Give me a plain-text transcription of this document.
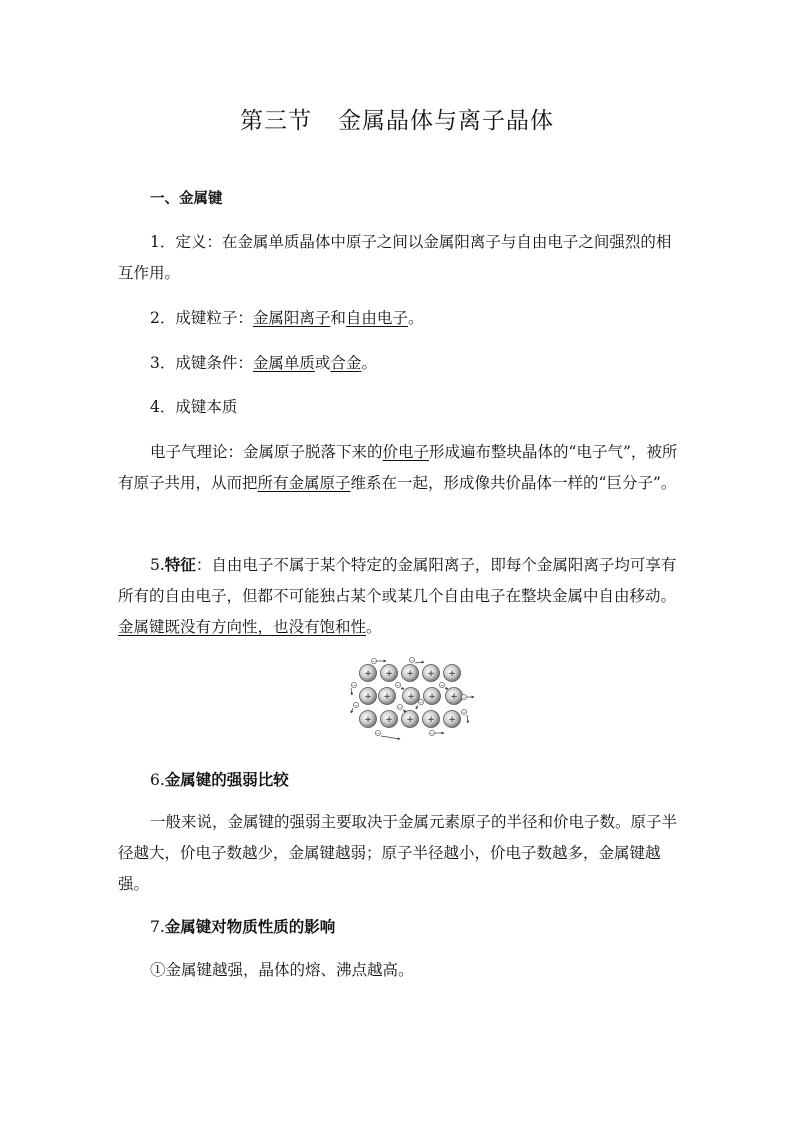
第三节 金属晶体与离子晶体

一、金属键

1．定义：在金属单质晶体中原子之间以金属阳离子与自由电子之间强烈的相互作用。

2．成键粒子：金属阳离子和自由电子。

3．成键条件：金属单质或合金。

4．成键本质

电子气理论：金属原子脱落下来的价电子形成遍布整块晶体的“电子气”，被所有原子共用，从而把所有金属原子维系在一起，形成像共价晶体一样的“巨分子”。

5.特征：自由电子不属于某个特定的金属阳离子，即每个金属阳离子均可享有所有的自由电子，但都不可能独占某个或某几个自由电子在整块金属中自由移动。金属键既没有方向性，也没有饱和性。

+ + + + +
+ + + + +
+ + + + +
−	−
−
−
−
−
−
−
−
−	−
−

6.金属键的强弱比较

一般来说，金属键的强弱主要取决于金属元素原子的半径和价电子数。原子半径越大，价电子数越少，金属键越弱；原子半径越小，价电子数越多，金属键越强。

7.金属键对物质性质的影响

①金属键越强，晶体的熔、沸点越高。
